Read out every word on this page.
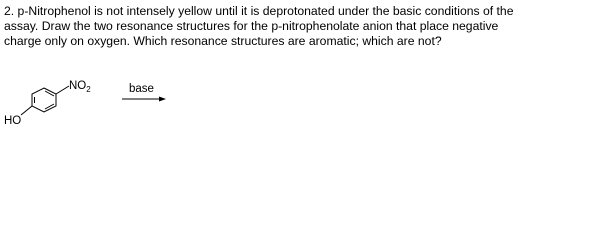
2. p-Nitrophenol is not intensely yellow until it is deprotonated under the basic conditions of the
assay. Draw the two resonance structures for the p-nitrophenolate anion that place negative
charge only on oxygen. Which resonance structures are aromatic; which are not?

$NO_2$
HO
base
